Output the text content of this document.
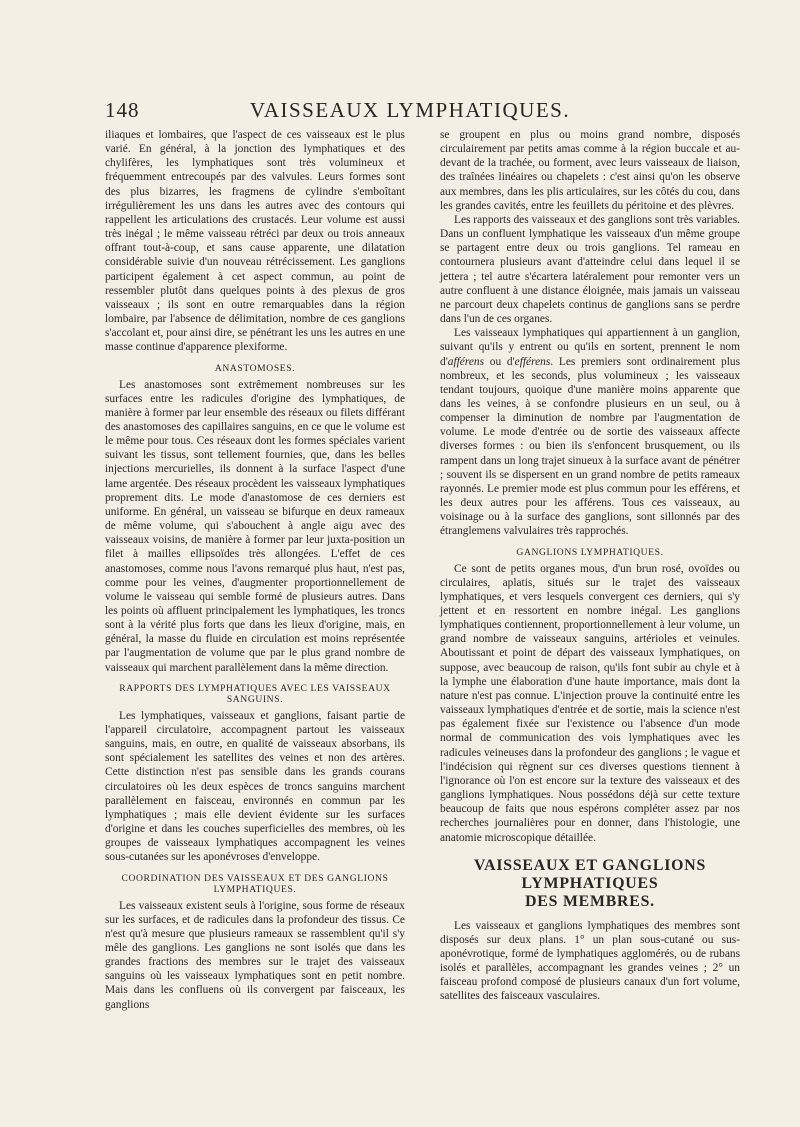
148	VAISSEAUX LYMPHATIQUES.

iliaques et lombaires, que l'aspect de ces vaisseaux est le plus varié. En général, à la jonction des lymphatiques et des chylifères, les lymphatiques sont très volumineux et fréquemment entrecoupés par des valvules. Leurs formes sont des plus bizarres, les fragmens de cylindre s'emboîtant irrégulièrement les uns dans les autres avec des contours qui rappellent les articulations des crustacés. Leur volume est aussi très inégal ; le même vaisseau rétréci par deux ou trois anneaux offrant tout-à-coup, et sans cause apparente, une dilatation considérable suivie d'un nouveau rétrécissement. Les ganglions participent également à cet aspect commun, au point de ressembler plutôt dans quelques points à des plexus de gros vaisseaux ; ils sont en outre remarquables dans la région lombaire, par l'absence de délimitation, nombre de ces ganglions s'accolant et, pour ainsi dire, se pénétrant les uns les autres en une masse continue d'apparence plexiforme.

ANASTOMOSES.

Les anastomoses sont extrêmement nombreuses sur les surfaces entre les radicules d'origine des lymphatiques, de manière à former par leur ensemble des réseaux ou filets différant des anastomoses des capillaires sanguins, en ce que le volume est le même pour tous. Ces réseaux dont les formes spéciales varient suivant les tissus, sont tellement fournies, que, dans les belles injections mercurielles, ils donnent à la surface l'aspect d'une lame argentée. Des réseaux procèdent les vaisseaux lymphatiques proprement dits. Le mode d'anastomose de ces derniers est uniforme. En général, un vaisseau se bifurque en deux rameaux de même volume, qui s'abouchent à angle aigu avec des vaisseaux voisins, de manière à former par leur juxta-position un filet à mailles ellipsoïdes très allongées. L'effet de ces anastomoses, comme nous l'avons remarqué plus haut, n'est pas, comme pour les veines, d'augmenter proportionnellement de volume le vaisseau qui semble formé de plusieurs autres. Dans les points où affluent principalement les lymphatiques, les troncs sont à la vérité plus forts que dans les lieux d'origine, mais, en général, la masse du fluide en circulation est moins représentée par l'augmentation de volume que par le plus grand nombre de vaisseaux qui marchent parallèlement dans la même direction.

RAPPORTS DES LYMPHATIQUES AVEC LES VAISSEAUX SANGUINS.

Les lymphatiques, vaisseaux et ganglions, faisant partie de l'appareil circulatoire, accompagnent partout les vaisseaux sanguins, mais, en outre, en qualité de vaisseaux absorbans, ils sont spécialement les satellites des veines et non des artères. Cette distinction n'est pas sensible dans les grands courans circulatoires où les deux espèces de troncs sanguins marchent parallèlement en faisceau, environnés en commun par les lymphatiques ; mais elle devient évidente sur les surfaces d'origine et dans les couches superficielles des membres, où les groupes de vaisseaux lymphatiques accompagnent les veines sous-cutanées sur les aponévroses d'enveloppe.

COORDINATION DES VAISSEAUX ET DES GANGLIONS LYMPHATIQUES.

Les vaisseaux existent seuls à l'origine, sous forme de réseaux sur les surfaces, et de radicules dans la profondeur des tissus. Ce n'est qu'à mesure que plusieurs rameaux se rassemblent qu'il s'y mêle des ganglions. Les ganglions ne sont isolés que dans les grandes fractions des membres sur le trajet des vaisseaux sanguins où les vaisseaux lymphatiques sont en petit nombre. Mais dans les confluens où ils convergent par faisceaux, les ganglions

se groupent en plus ou moins grand nombre, disposés circulairement par petits amas comme à la région buccale et au-devant de la trachée, ou forment, avec leurs vaisseaux de liaison, des traînées linéaires ou chapelets : c'est ainsi qu'on les observe aux membres, dans les plis articulaires, sur les côtés du cou, dans les grandes cavités, entre les feuillets du péritoine et des plèvres.

Les rapports des vaisseaux et des ganglions sont très variables. Dans un confluent lymphatique les vaisseaux d'un même groupe se partagent entre deux ou trois ganglions. Tel rameau en contournera plusieurs avant d'atteindre celui dans lequel il se jettera ; tel autre s'écartera latéralement pour remonter vers un autre confluent à une distance éloignée, mais jamais un vaisseau ne parcourt deux chapelets continus de ganglions sans se perdre dans l'un de ces organes.

Les vaisseaux lymphatiques qui appartiennent à un ganglion, suivant qu'ils y entrent ou qu'ils en sortent, prennent le nom d'afférens ou d'efférens. Les premiers sont ordinairement plus nombreux, et les seconds, plus volumineux ; les vaisseaux tendant toujours, quoique d'une manière moins apparente que dans les veines, à se confondre plusieurs en un seul, ou à compenser la diminution de nombre par l'augmentation de volume. Le mode d'entrée ou de sortie des vaisseaux affecte diverses formes : ou bien ils s'enfoncent brusquement, ou ils rampent dans un long trajet sinueux à la surface avant de pénétrer ; souvent ils se dispersent en un grand nombre de petits rameaux rayonnés. Le premier mode est plus commun pour les efférens, et les deux autres pour les afférens. Tous ces vaisseaux, au voisinage ou à la surface des ganglions, sont sillonnés par des étranglemens valvulaires très rapprochés.

GANGLIONS LYMPHATIQUES.

Ce sont de petits organes mous, d'un brun rosé, ovoïdes ou circulaires, aplatis, situés sur le trajet des vaisseaux lymphatiques, et vers lesquels convergent ces derniers, qui s'y jettent et en ressortent en nombre inégal. Les ganglions lymphatiques contiennent, proportionnellement à leur volume, un grand nombre de vaisseaux sanguins, artérioles et veinules. Aboutissant et point de départ des vaisseaux lymphatiques, on suppose, avec beaucoup de raison, qu'ils font subir au chyle et à la lymphe une élaboration d'une haute importance, mais dont la nature n'est pas connue. L'injection prouve la continuité entre les vaisseaux lymphatiques d'entrée et de sortie, mais la science n'est pas également fixée sur l'existence ou l'absence d'un mode normal de communication des vois lymphatiques avec les radicules veineuses dans la profondeur des ganglions ; le vague et l'indécision qui règnent sur ces diverses questions tiennent à l'ignorance où l'on est encore sur la texture des vaisseaux et des ganglions lymphatiques. Nous possédons déjà sur cette texture beaucoup de faits que nous espérons compléter assez par nos recherches journalières pour en donner, dans l'histologie, une anatomie microscopique détaillée.

VAISSEAUX ET GANGLIONS LYMPHATIQUES
DES MEMBRES.

Les vaisseaux et ganglions lymphatiques des membres sont disposés sur deux plans. 1° un plan sous-cutané ou sus-aponévrotique, formé de lymphatiques agglomérés, ou de rubans isolés et parallèles, accompagnant les grandes veines ; 2° un faisceau profond composé de plusieurs canaux d'un fort volume, satellites des faisceaux vasculaires.
